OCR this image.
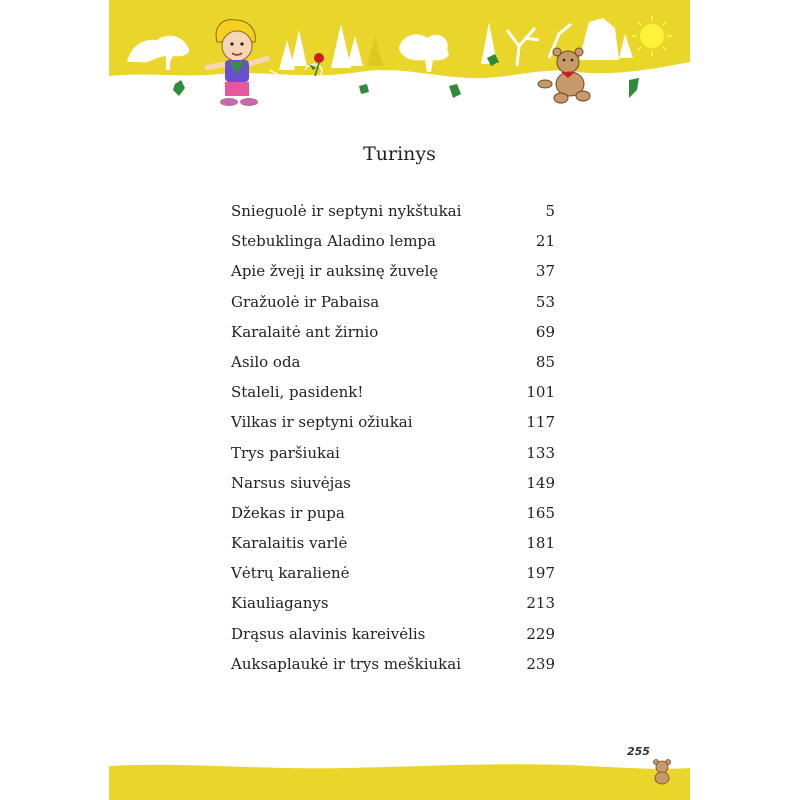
Turinys
Snieguolė ir septyni nykštukai	5
Stebuklinga Aladino lempa	21
Apie žvejį ir auksinę žuvelę	37
Gražuolė ir Pabaisa	53
Karalaitė ant žirnio	69
Asilo oda	85
Staleli, pasidenk!	101
Vilkas ir septyni ožiukai	117
Trys paršiukai	133
Narsus siuvėjas	149
Džekas ir pupa	165
Karalaitis varlė	181
Vėtrų karalienė	197
Kiauliaganys	213
Drąsus alavinis kareivėlis	229
Auksaplaukė ir trys meškiukai	239
255
